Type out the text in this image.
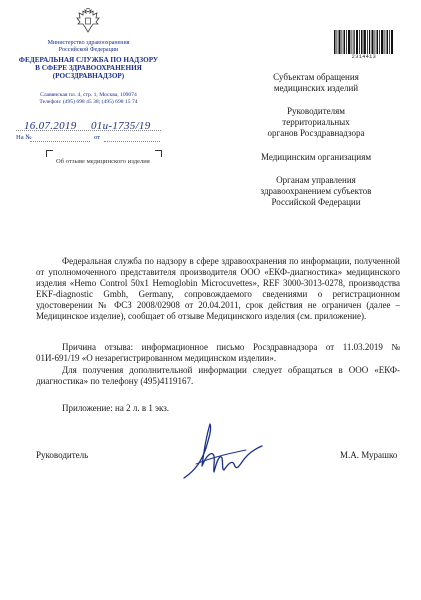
Министерство здравоохранения
Российской Федерации
ФЕДЕРАЛЬНАЯ СЛУЖБА ПО НАДЗОРУ
В СФЕРЕ ЗДРАВООХРАНЕНИЯ
(РОСЗДРАВНАДЗОР)
Славянская пл. 4, стр. 1, Москва, 109074
Телефон: (495) 698 45 38; (495) 698 15 74
16.07.2019 01и-1735/19
На №	от
Об отзыве медицинского изделия
2314413
Субъектам обращения
медицинских изделий
Руководителям
территориальных
органов Росздравнадзора
Медицинским организациям
Органам управления
здравоохранением субъектов
Российской Федерации
Федеральная служба по надзору в сфере здравоохранения по информации, полученной от уполномоченного представителя производителя ООО «ЕКФ-диагностика» медицинского изделия «Hemo Control 50x1 Hemoglobin Microcuvettes», REF 3000-3013-0278, производства EKF-diagnostic Gmbh, Germany, сопровождаемого сведениями о регистрационном удостоверении № ФСЗ 2008/02908 от 20.04.2011, срок действия не ограничен (далее – Медицинское изделие), сообщает об отзыве Медицинского изделия (см. приложение).
Причина отзыва: информационное письмо Росздравнадзора от 11.03.2019 № 01И-691/19 «О незарегистрированном медицинском изделии».
Для получения дополнительной информации следует обращаться в ООО «ЕКФ-диагностика» по телефону (495)4119167.
Приложение: на 2 л. в 1 экз.
Руководитель	М.А. Мурашко
